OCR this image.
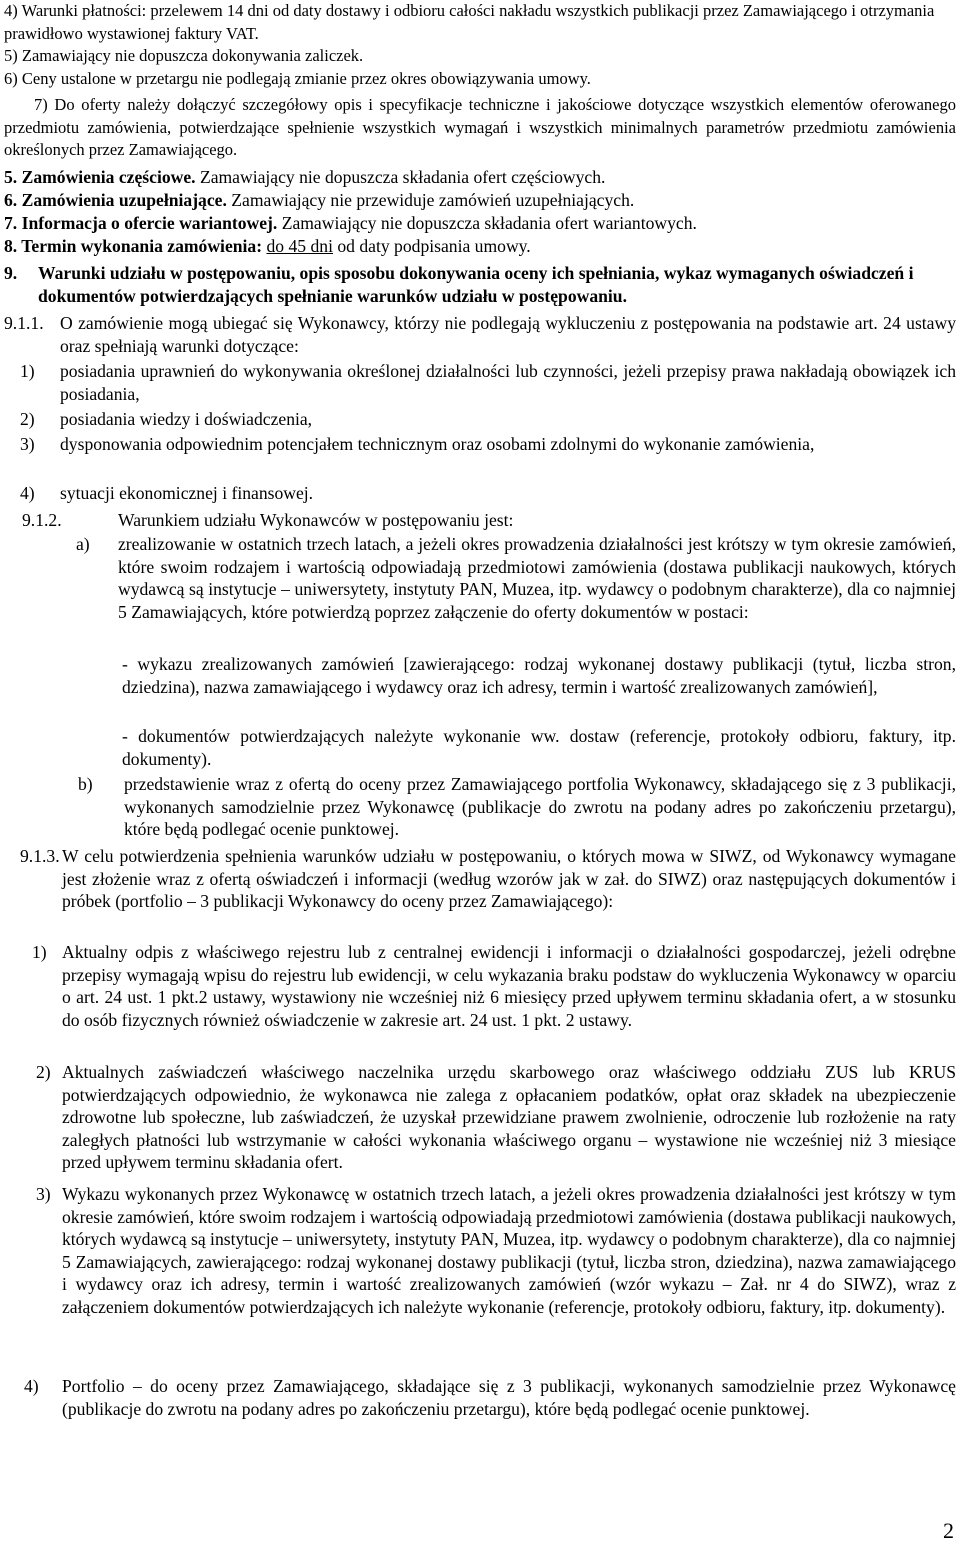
4) Warunki płatności: przelewem 14 dni od daty dostawy i odbioru całości nakładu wszystkich publikacji przez Zamawiającego i otrzymania prawidłowo wystawionej faktury VAT.

5) Zamawiający nie dopuszcza dokonywania zaliczek.

6) Ceny ustalone w przetargu nie podlegają zmianie przez okres obowiązywania umowy.

7) Do oferty należy dołączyć szczegółowy opis i specyfikacje techniczne i jakościowe dotyczące wszystkich elementów oferowanego przedmiotu zamówienia, potwierdzające spełnienie wszystkich wymagań i wszystkich minimalnych parametrów przedmiotu zamówienia określonych przez Zamawiającego.

5. Zamówienia częściowe. Zamawiający nie dopuszcza składania ofert częściowych.

6. Zamówienia uzupełniające. Zamawiający nie przewiduje zamówień uzupełniających.

7. Informacja o ofercie wariantowej. Zamawiający nie dopuszcza składania ofert wariantowych.

8. Termin wykonania zamówienia: do 45 dni od daty podpisania umowy.

9. Warunki udziału w postępowaniu, opis sposobu dokonywania oceny ich spełniania, wykaz wymaganych oświadczeń i dokumentów potwierdzających spełnianie warunków udziału w postępowaniu.
9.1.1. O zamówienie mogą ubiegać się Wykonawcy, którzy nie podlegają wykluczeniu z postępowania na podstawie art. 24 ustawy oraz spełniają warunki dotyczące:
1) posiadania uprawnień do wykonywania określonej działalności lub czynności, jeżeli przepisy prawa nakładają obowiązek ich posiadania,
2) posiadania wiedzy i doświadczenia,
3) dysponowania odpowiednim potencjałem technicznym oraz osobami zdolnymi do wykonanie zamówienia,
4) sytuacji ekonomicznej i finansowej.
9.1.2.	Warunkiem udziału Wykonawców w postępowaniu jest:
a) zrealizowanie w ostatnich trzech latach, a jeżeli okres prowadzenia działalności jest krótszy w tym okresie zamówień, które swoim rodzajem i wartością odpowiadają przedmiotowi zamówienia (dostawa publikacji naukowych, których wydawcą są instytucje – uniwersytety, instytuty PAN, Muzea, itp. wydawcy o podobnym charakterze), dla co najmniej 5 Zamawiających, które potwierdzą poprzez załączenie do oferty dokumentów w postaci:

- wykazu zrealizowanych zamówień [zawierającego: rodzaj wykonanej dostawy publikacji (tytuł, liczba stron, dziedzina), nazwa zamawiającego i wydawcy oraz ich adresy, termin i wartość zrealizowanych zamówień],

- dokumentów potwierdzających należyte wykonanie ww. dostaw (referencje, protokoły odbioru, faktury, itp. dokumenty).

b) przedstawienie wraz z ofertą do oceny przez Zamawiającego portfolia Wykonawcy, składającego się z 3 publikacji, wykonanych samodzielnie przez Wykonawcę (publikacje do zwrotu na podany adres po zakończeniu przetargu), które będą podlegać ocenie punktowej.
9.1.3. W celu potwierdzenia spełnienia warunków udziału w postępowaniu, o których mowa w SIWZ, od Wykonawcy wymagane jest złożenie wraz z ofertą oświadczeń i informacji (według wzorów jak w zał. do SIWZ) oraz następujących dokumentów i próbek (portfolio – 3 publikacji Wykonawcy do oceny przez Zamawiającego):
1) Aktualny odpis z właściwego rejestru lub z centralnej ewidencji i informacji o działalności gospodarczej, jeżeli odrębne przepisy wymagają wpisu do rejestru lub ewidencji, w celu wykazania braku podstaw do wykluczenia Wykonawcy w oparciu o art. 24 ust. 1 pkt.2 ustawy, wystawiony nie wcześniej niż 6 miesięcy przed upływem terminu składania ofert, a w stosunku do osób fizycznych również oświadczenie w zakresie art. 24 ust. 1 pkt. 2 ustawy.
2) Aktualnych zaświadczeń właściwego naczelnika urzędu skarbowego oraz właściwego oddziału ZUS lub KRUS potwierdzających odpowiednio, że wykonawca nie zalega z opłacaniem podatków, opłat oraz składek na ubezpieczenie zdrowotne lub społeczne, lub zaświadczeń, że uzyskał przewidziane prawem zwolnienie, odroczenie lub rozłożenie na raty zaległych płatności lub wstrzymanie w całości wykonania właściwego organu – wystawione nie wcześniej niż 3 miesiące przed upływem terminu składania ofert.
3) Wykazu wykonanych przez Wykonawcę w ostatnich trzech latach, a jeżeli okres prowadzenia działalności jest krótszy w tym okresie zamówień, które swoim rodzajem i wartością odpowiadają przedmiotowi zamówienia (dostawa publikacji naukowych, których wydawcą są instytucje – uniwersytety, instytuty PAN, Muzea, itp. wydawcy o podobnym charakterze), dla co najmniej 5 Zamawiających, zawierającego: rodzaj wykonanej dostawy publikacji (tytuł, liczba stron, dziedzina), nazwa zamawiającego i wydawcy oraz ich adresy, termin i wartość zrealizowanych zamówień (wzór wykazu – Zał. nr 4 do SIWZ), wraz z załączeniem dokumentów potwierdzających ich należyte wykonanie (referencje, protokoły odbioru, faktury, itp. dokumenty).
4) Portfolio – do oceny przez Zamawiającego, składające się z 3 publikacji, wykonanych samodzielnie przez Wykonawcę (publikacje do zwrotu na podany adres po zakończeniu przetargu), które będą podlegać ocenie punktowej.
2
